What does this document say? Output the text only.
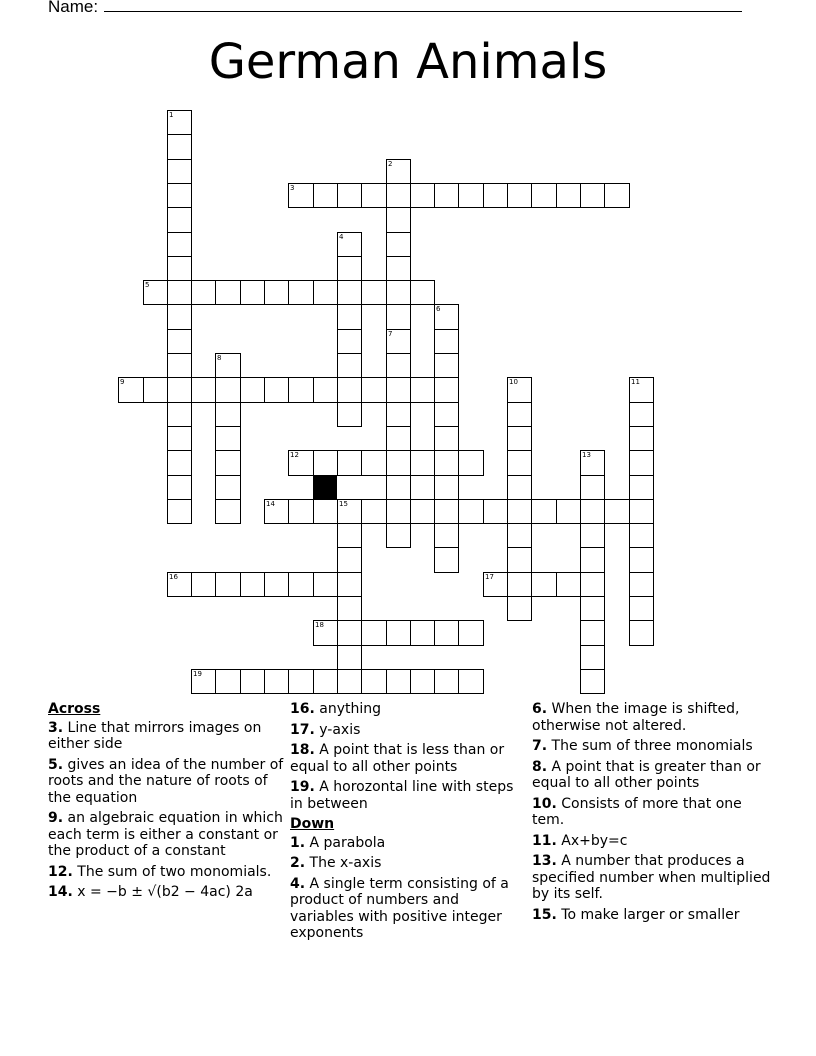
Name:
German Animals
1
2
7
3
4
5
6
8
9	10	11
12	13
14	15
16	17
18
19
Across
3. Line that mirrors images on either side
5. gives an idea of the number of roots and the nature of roots of the equation
9. an algebraic equation in which each term is either a constant or the product of a constant
12. The sum of two monomials.
14. x = −b ± √(b2 − 4ac) 2a
16. anything
17. y-axis
18. A point that is less than or equal to all other points
19. A horozontal line with steps in between
Down
1. A parabola
2. The x-axis
4. A single term consisting of a product of numbers and variables with positive integer exponents
6. When the image is shifted, otherwise not altered.
7. The sum of three monomials
8. A point that is greater than or equal to all other points
10. Consists of more that one tem.
11. Ax+by=c
13. A number that produces a specified number when multiplied by its self.
15. To make larger or smaller
